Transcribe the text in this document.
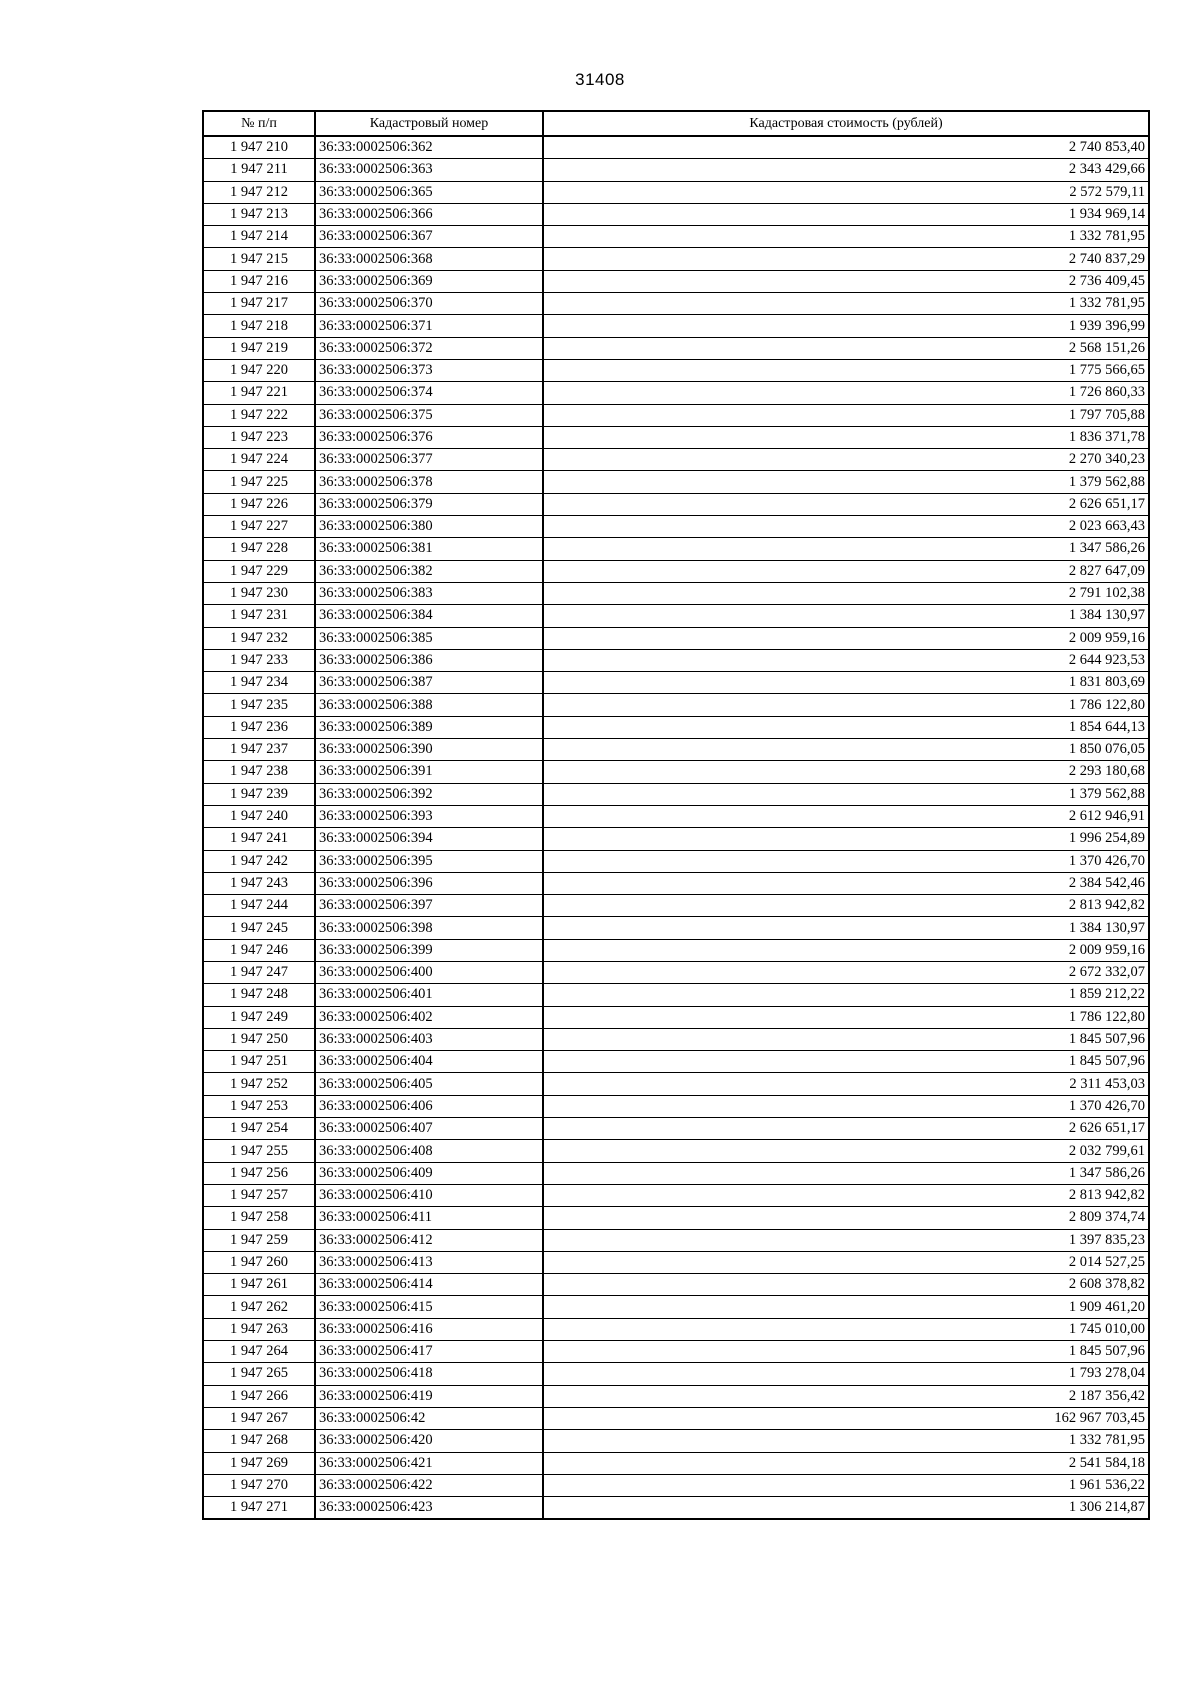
31408
№ п/п	Кадастровый номер	Кадастровая стоимость (рублей)
1 947 210	36:33:0002506:362	2 740 853,40
1 947 211	36:33:0002506:363	2 343 429,66
1 947 212	36:33:0002506:365	2 572 579,11
1 947 213	36:33:0002506:366	1 934 969,14
1 947 214	36:33:0002506:367	1 332 781,95
1 947 215	36:33:0002506:368	2 740 837,29
1 947 216	36:33:0002506:369	2 736 409,45
1 947 217	36:33:0002506:370	1 332 781,95
1 947 218	36:33:0002506:371	1 939 396,99
1 947 219	36:33:0002506:372	2 568 151,26
1 947 220	36:33:0002506:373	1 775 566,65
1 947 221	36:33:0002506:374	1 726 860,33
1 947 222	36:33:0002506:375	1 797 705,88
1 947 223	36:33:0002506:376	1 836 371,78
1 947 224	36:33:0002506:377	2 270 340,23
1 947 225	36:33:0002506:378	1 379 562,88
1 947 226	36:33:0002506:379	2 626 651,17
1 947 227	36:33:0002506:380	2 023 663,43
1 947 228	36:33:0002506:381	1 347 586,26
1 947 229	36:33:0002506:382	2 827 647,09
1 947 230	36:33:0002506:383	2 791 102,38
1 947 231	36:33:0002506:384	1 384 130,97
1 947 232	36:33:0002506:385	2 009 959,16
1 947 233	36:33:0002506:386	2 644 923,53
1 947 234	36:33:0002506:387	1 831 803,69
1 947 235	36:33:0002506:388	1 786 122,80
1 947 236	36:33:0002506:389	1 854 644,13
1 947 237	36:33:0002506:390	1 850 076,05
1 947 238	36:33:0002506:391	2 293 180,68
1 947 239	36:33:0002506:392	1 379 562,88
1 947 240	36:33:0002506:393	2 612 946,91
1 947 241	36:33:0002506:394	1 996 254,89
1 947 242	36:33:0002506:395	1 370 426,70
1 947 243	36:33:0002506:396	2 384 542,46
1 947 244	36:33:0002506:397	2 813 942,82
1 947 245	36:33:0002506:398	1 384 130,97
1 947 246	36:33:0002506:399	2 009 959,16
1 947 247	36:33:0002506:400	2 672 332,07
1 947 248	36:33:0002506:401	1 859 212,22
1 947 249	36:33:0002506:402	1 786 122,80
1 947 250	36:33:0002506:403	1 845 507,96
1 947 251	36:33:0002506:404	1 845 507,96
1 947 252	36:33:0002506:405	2 311 453,03
1 947 253	36:33:0002506:406	1 370 426,70
1 947 254	36:33:0002506:407	2 626 651,17
1 947 255	36:33:0002506:408	2 032 799,61
1 947 256	36:33:0002506:409	1 347 586,26
1 947 257	36:33:0002506:410	2 813 942,82
1 947 258	36:33:0002506:411	2 809 374,74
1 947 259	36:33:0002506:412	1 397 835,23
1 947 260	36:33:0002506:413	2 014 527,25
1 947 261	36:33:0002506:414	2 608 378,82
1 947 262	36:33:0002506:415	1 909 461,20
1 947 263	36:33:0002506:416	1 745 010,00
1 947 264	36:33:0002506:417	1 845 507,96
1 947 265	36:33:0002506:418	1 793 278,04
1 947 266	36:33:0002506:419	2 187 356,42
1 947 267	36:33:0002506:42	162 967 703,45
1 947 268	36:33:0002506:420	1 332 781,95
1 947 269	36:33:0002506:421	2 541 584,18
1 947 270	36:33:0002506:422	1 961 536,22
1 947 271	36:33:0002506:423	1 306 214,87
